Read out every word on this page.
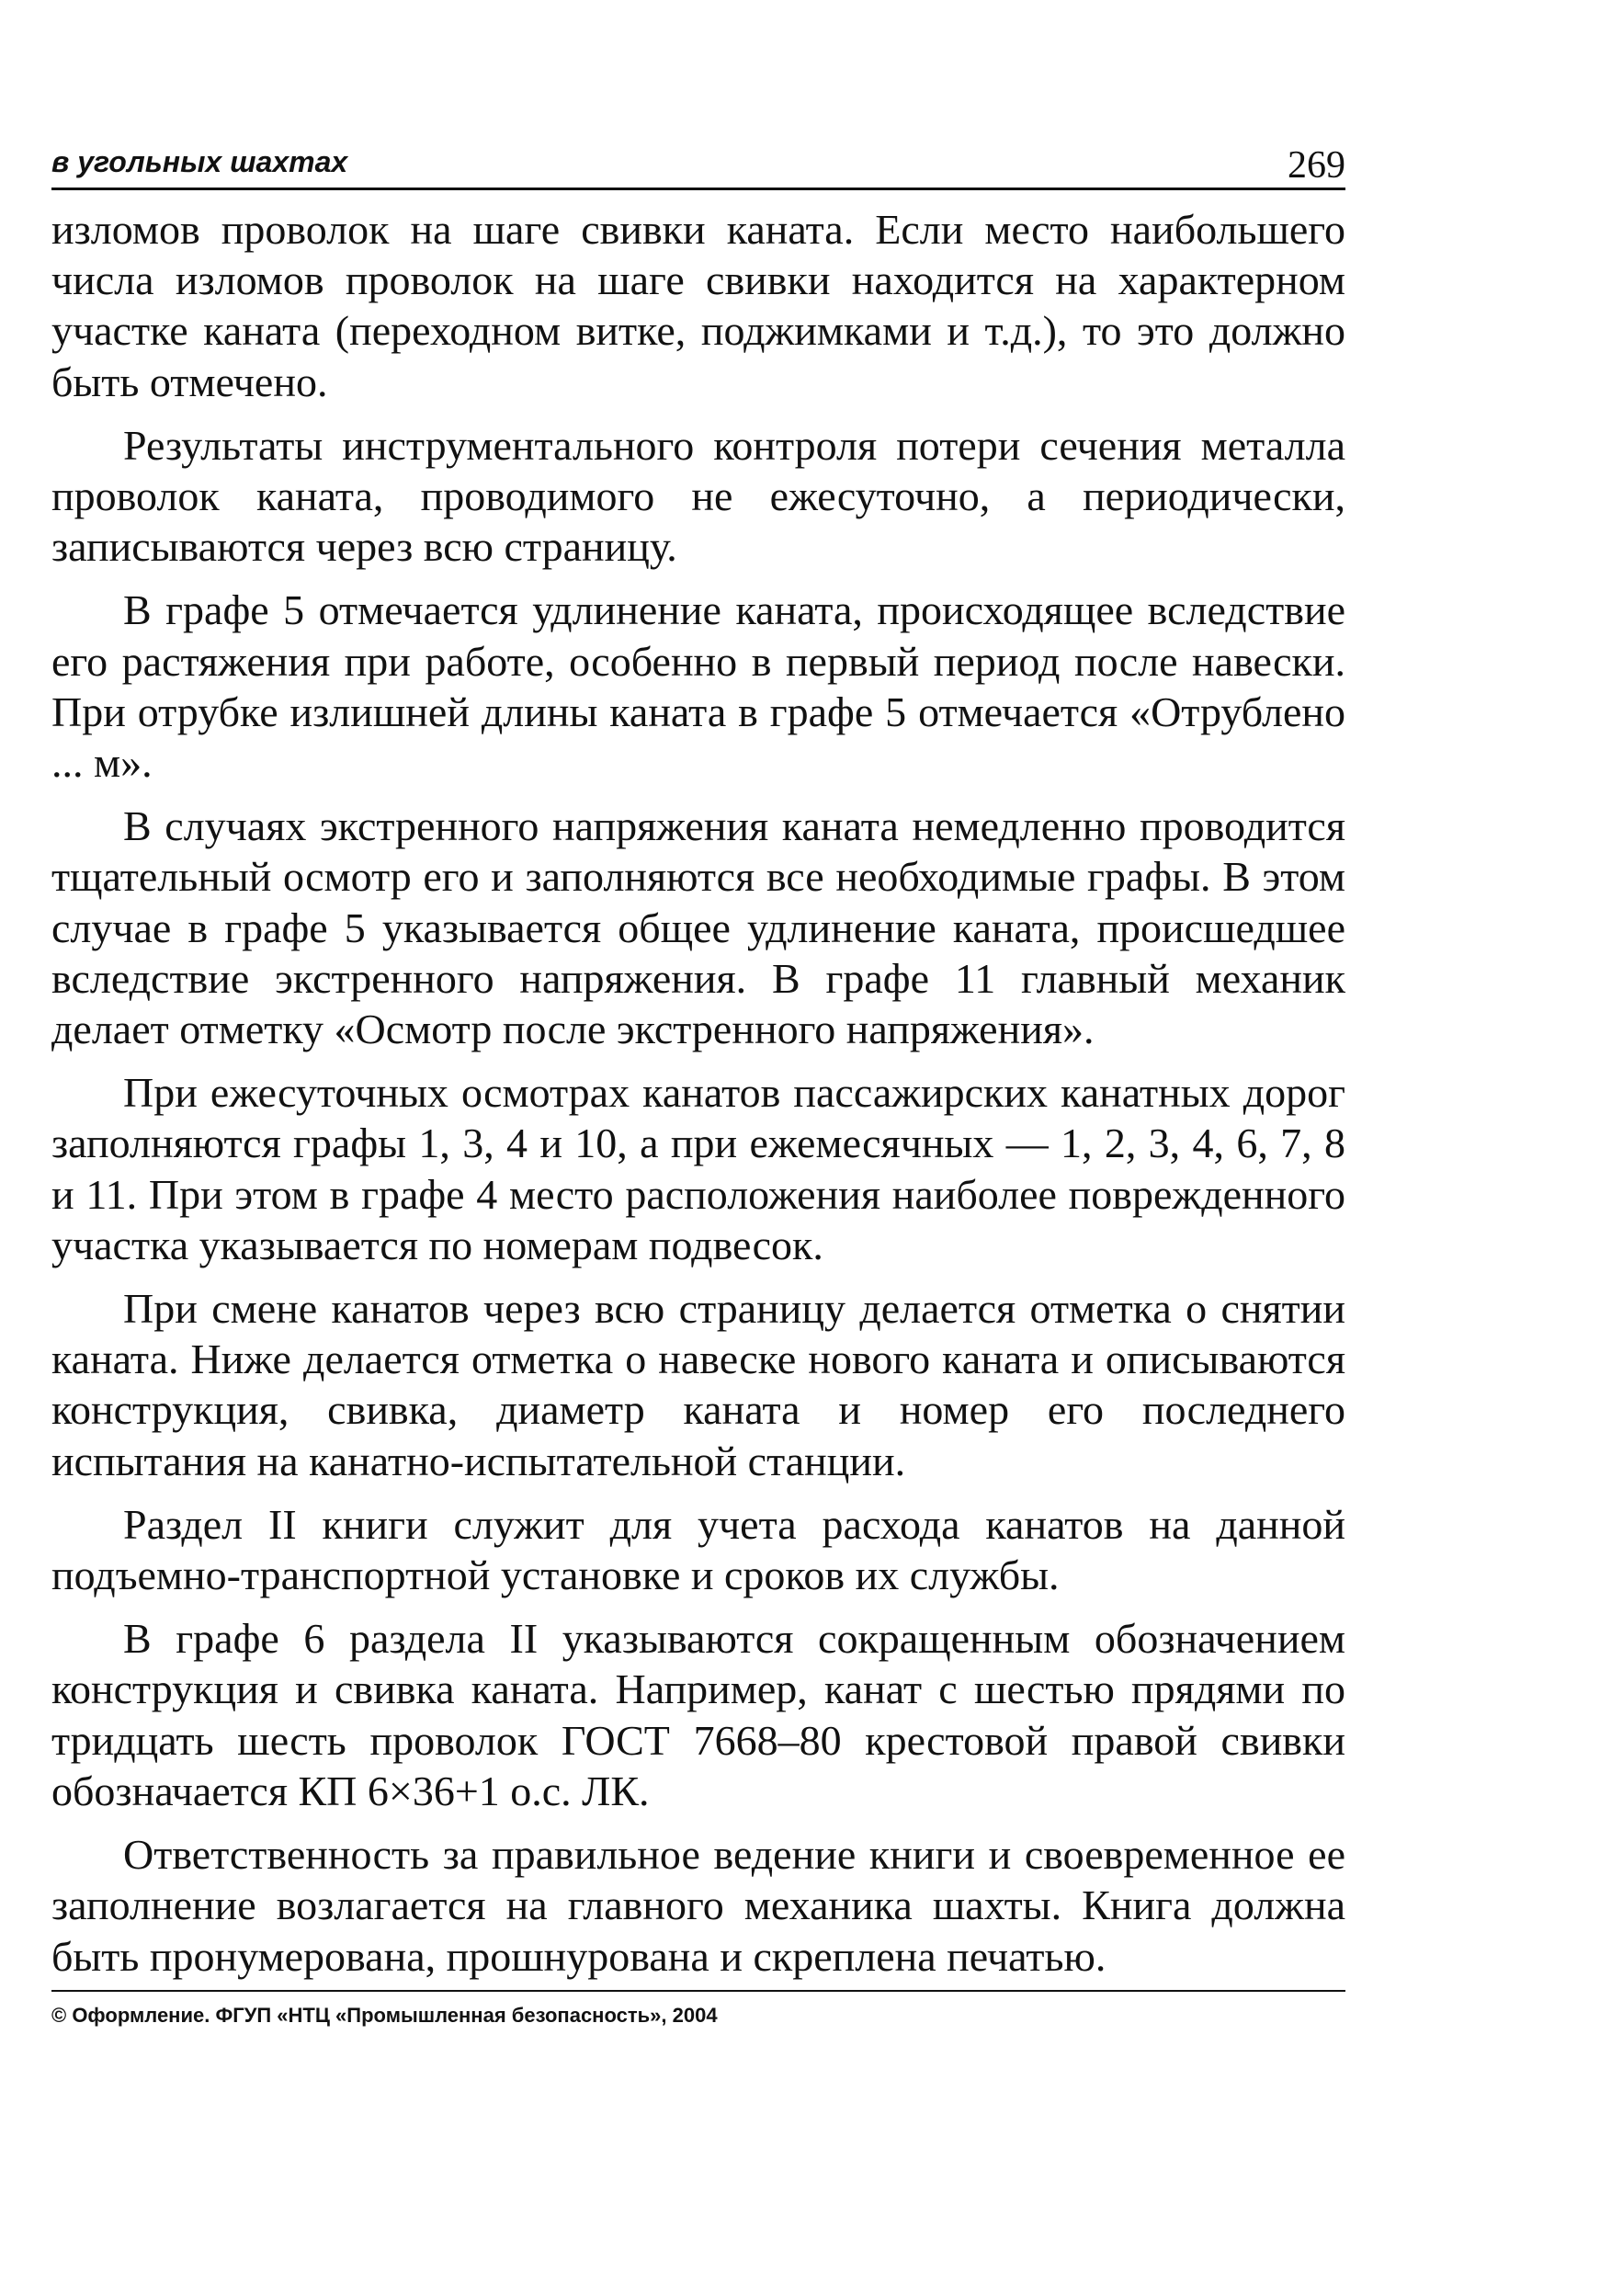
в угольных шахтах	269

изломов проволок на шаге свивки каната. Если место наибольшего числа изломов проволок на шаге свивки находится на характерном участке каната (переходном витке, поджимками и т.д.), то это должно быть отмечено.

Результаты инструментального контроля потери сечения металла проволок каната, проводимого не ежесуточно, а периодически, записываются через всю страницу.

В графе 5 отмечается удлинение каната, происходящее вследствие его растяжения при работе, особенно в первый период после навески. При отрубке излишней длины каната в графе 5 отмечается «Отрублено ... м».

В случаях экстренного напряжения каната немедленно проводится тщательный осмотр его и заполняются все необходимые графы. В этом случае в графе 5 указывается общее удлинение каната, происшедшее вследствие экстренного напряжения. В графе 11 главный механик делает отметку «Осмотр после экстренного напряжения».

При ежесуточных осмотрах канатов пассажирских канатных дорог заполняются графы 1, 3, 4 и 10, а при ежемесячных — 1, 2, 3, 4, 6, 7, 8 и 11. При этом в графе 4 место расположения наиболее поврежденного участка указывается по номерам подвесок.

При смене канатов через всю страницу делается отметка о снятии каната. Ниже делается отметка о навеске нового каната и описываются конструкция, свивка, диаметр каната и номер его последнего испытания на канатно-испытательной станции.

Раздел II книги служит для учета расхода канатов на данной подъемно-транспортной установке и сроков их службы.

В графе 6 раздела II указываются сокращенным обозначением конструкция и свивка каната. Например, канат с шестью прядями по тридцать шесть проволок ГОСТ 7668–80 крестовой правой свивки обозначается КП 6×36+1 о.с. ЛК.

Ответственность за правильное ведение книги и своевременное ее заполнение возлагается на главного механика шахты. Книга должна быть пронумерована, прошнурована и скреплена печатью.

© Оформление. ФГУП «НТЦ «Промышленная безопасность», 2004
